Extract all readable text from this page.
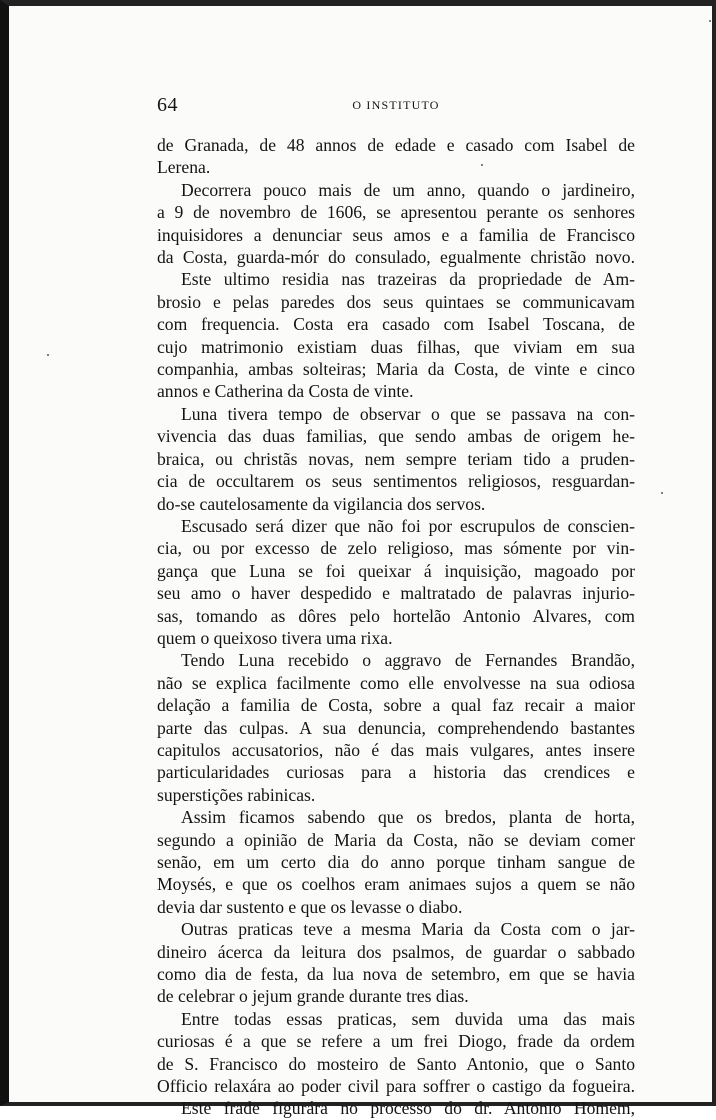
64	O INSTITUTO
de Granada, de 48 annos de edade e casado com Isabel de
Lerena.
Decorrera pouco mais de um anno, quando o jardineiro,
a 9 de novembro de 1606, se apresentou perante os senhores
inquisidores a denunciar seus amos e a familia de Francisco
da Costa, guarda-mór do consulado, egualmente christão novo.
Este ultimo residia nas trazeiras da propriedade de Am-
brosio e pelas paredes dos seus quintaes se communicavam
com frequencia. Costa era casado com Isabel Toscana, de
cujo matrimonio existiam duas filhas, que viviam em sua
companhia, ambas solteiras; Maria da Costa, de vinte e cinco
annos e Catherina da Costa de vinte.
Luna tivera tempo de observar o que se passava na con-
vivencia das duas familias, que sendo ambas de origem he-
braica, ou christãs novas, nem sempre teriam tido a pruden-
cia de occultarem os seus sentimentos religiosos, resguardan-
do-se cautelosamente da vigilancia dos servos.
Escusado será dizer que não foi por escrupulos de conscien-
cia, ou por excesso de zelo religioso, mas sómente por vin-
gança que Luna se foi queixar á inquisição, magoado por
seu amo o haver despedido e maltratado de palavras injurio-
sas, tomando as dôres pelo hortelão Antonio Alvares, com
quem o queixoso tivera uma rixa.
Tendo Luna recebido o aggravo de Fernandes Brandão,
não se explica facilmente como elle envolvesse na sua odiosa
delação a familia de Costa, sobre a qual faz recair a maior
parte das culpas. A sua denuncia, comprehendendo bastantes
capitulos accusatorios, não é das mais vulgares, antes insere
particularidades curiosas para a historia das crendices e
superstições rabinicas.
Assim ficamos sabendo que os bredos, planta de horta,
segundo a opinião de Maria da Costa, não se deviam comer
senão, em um certo dia do anno porque tinham sangue de
Moysés, e que os coelhos eram animaes sujos a quem se não
devia dar sustento e que os levasse o diabo.
Outras praticas teve a mesma Maria da Costa com o jar-
dineiro ácerca da leitura dos psalmos, de guardar o sabbado
como dia de festa, da lua nova de setembro, em que se havia
de celebrar o jejum grande durante tres dias.
Entre todas essas praticas, sem duvida uma das mais
curiosas é a que se refere a um frei Diogo, frade da ordem
de S. Francisco do mosteiro de Santo Antonio, que o Santo
Officio relaxára ao poder civil para soffrer o castigo da fogueira.
Este frade figurára no processo do dr. Antonio Homem,
